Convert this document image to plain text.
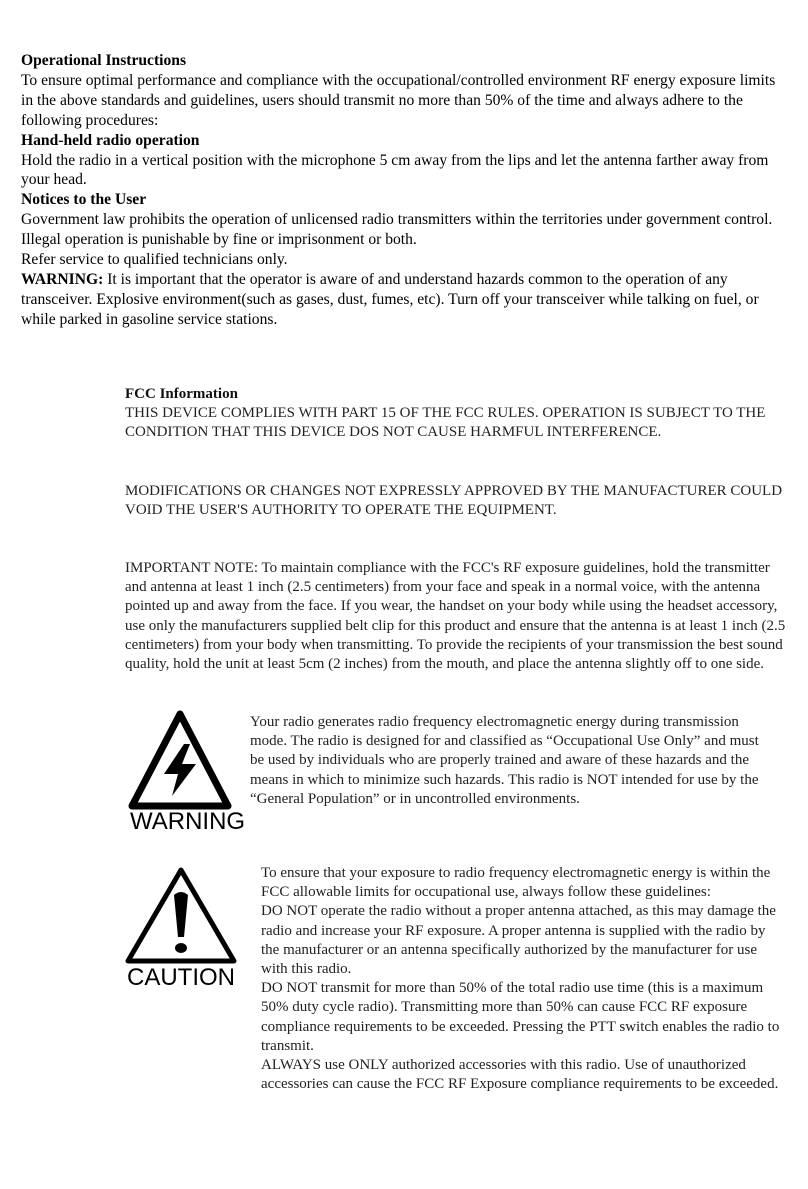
Operational Instructions

To ensure optimal performance and compliance with the occupational/controlled environment RF energy exposure limits in the above standards and guidelines, users should transmit no more than 50% of the time and always adhere to the following procedures:

Hand-held radio operation

Hold the radio in a vertical position with the microphone 5 cm away from the lips and let the antenna farther away from your head.

Notices to the User

Government law prohibits the operation of unlicensed radio transmitters within the territories under government control.

Illegal operation is punishable by fine or imprisonment or both.

Refer service to qualified technicians only.

WARNING: It is important that the operator is aware of and understand hazards common to the operation of any transceiver. Explosive environment(such as gases, dust, fumes, etc). Turn off your transceiver while talking on fuel, or while parked in gasoline service stations.

FCC Information
THIS DEVICE COMPLIES WITH PART 15 OF THE FCC RULES. OPERATION IS SUBJECT TO THE CONDITION THAT THIS DEVICE DOS NOT CAUSE HARMFUL INTERFERENCE.
MODIFICATIONS OR CHANGES NOT EXPRESSLY APPROVED BY THE MANUFACTURER COULD VOID THE USER'S AUTHORITY TO OPERATE THE EQUIPMENT.
IMPORTANT NOTE: To maintain compliance with the FCC's RF exposure guidelines, hold the transmitter and antenna at least 1 inch (2.5 centimeters) from your face and speak in a normal voice, with the antenna pointed up and away from the face. If you wear, the handset on your body while using the headset accessory, use only the manufacturers supplied belt clip for this product and ensure that the antenna is at least 1 inch (2.5 centimeters) from your body when transmitting. To provide the recipients of your transmission the best sound quality, hold the unit at least 5cm (2 inches) from the mouth, and place the antenna slightly off to one side.
WARNING
Your radio generates radio frequency electromagnetic energy during transmission mode. The radio is designed for and classified as “Occupational Use Only” and must be used by individuals who are properly trained and aware of these hazards and the means in which to minimize such hazards. This radio is NOT intended for use by the “General Population” or in uncontrolled environments.
CAUTION

To ensure that your exposure to radio frequency electromagnetic energy is within the FCC allowable limits for occupational use, always follow these guidelines:

DO NOT operate the radio without a proper antenna attached, as this may damage the radio and increase your RF exposure. A proper antenna is supplied with the radio by the manufacturer or an antenna specifically authorized by the manufacturer for use with this radio.

DO NOT transmit for more than 50% of the total radio use time (this is a maximum 50% duty cycle radio). Transmitting more than 50% can cause FCC RF exposure compliance requirements to be exceeded. Pressing the PTT switch enables the radio to transmit.

ALWAYS use ONLY authorized accessories with this radio. Use of unauthorized accessories can cause the FCC RF Exposure compliance requirements to be exceeded.
